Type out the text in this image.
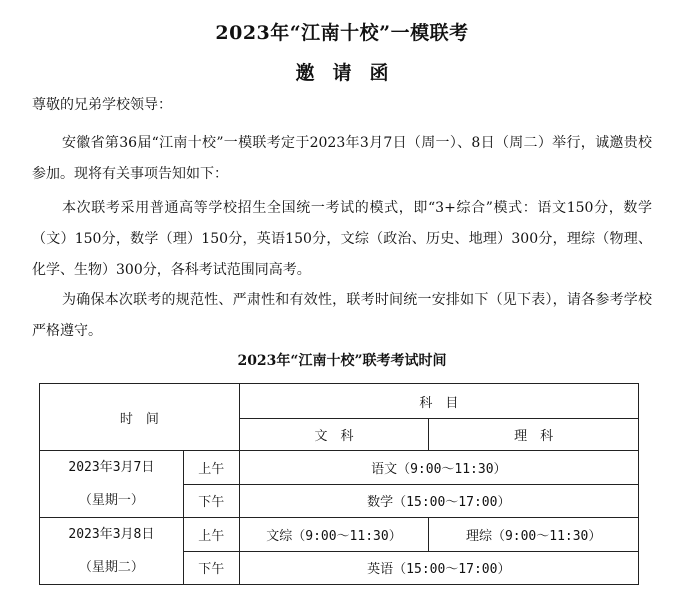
2023年“江南十校”一模联考
邀请函
尊敬的兄弟学校领导：
安徽省第36届“江南十校”一模联考定于2023年3月7日（周一）、8日（周二）举行，诚邀贵校参加。现将有关事项告知如下：
本次联考采用普通高等学校招生全国统一考试的模式，即“3+综合”模式：语文150分，数学（文）150分，数学（理）150分，英语150分，文综（政治、历史、地理）300分，理综（物理、化学、生物）300分，各科考试范围同高考。
为确保本次联考的规范性、严肃性和有效性，联考时间统一安排如下（见下表），请各参考学校严格遵守。
2023年“江南十校”联考考试时间
时　间		科　目	
		文　科	理　科

2023年3月7日
（星期一）	上午	语文（9:00～11:30）	
	下午	数学（15:00～17:00）	

2023年3月8日
（星期二）	上午	文综（9:00～11:30）	理综（9:00～11:30）
	下午	英语（15:00～17:00）	
